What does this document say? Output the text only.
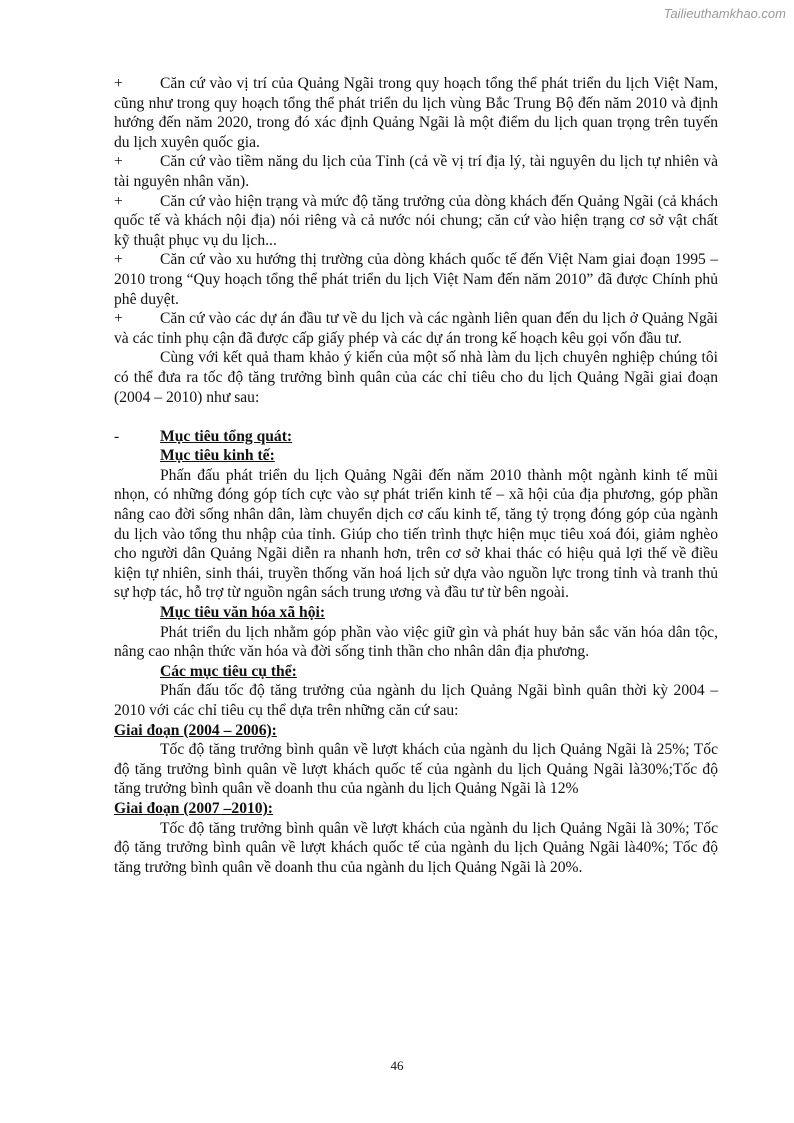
Tailieuthamkhao.com

+ Căn cứ vào vị trí của Quảng Ngãi trong quy hoạch tổng thể phát triển du lịch Việt Nam, cũng như trong quy hoạch tổng thể phát triển du lịch vùng Bắc Trung Bộ đến năm 2010 và định hướng đến năm 2020, trong đó xác định Quảng Ngãi là một điểm du lịch quan trọng trên tuyến du lịch xuyên quốc gia.

+ Căn cứ vào tiềm năng du lịch của Tỉnh (cả về vị trí địa lý, tài nguyên du lịch tự nhiên và tài nguyên nhân văn).

+ Căn cứ vào hiện trạng và mức độ tăng trưởng của dòng khách đến Quảng Ngãi (cả khách quốc tế và khách nội địa) nói riêng và cả nước nói chung; căn cứ vào hiện trạng cơ sở vật chất kỹ thuật phục vụ du lịch...

+ Căn cứ vào xu hướng thị trường của dòng khách quốc tế đến Việt Nam giai đoạn 1995 – 2010 trong “Quy hoạch tổng thể phát triển du lịch Việt Nam đến năm 2010” đã được Chính phủ phê duyệt.

+ Căn cứ vào các dự án đầu tư về du lịch và các ngành liên quan đến du lịch ở Quảng Ngãi và các tỉnh phụ cận đã được cấp giấy phép và các dự án trong kế hoạch kêu gọi vốn đầu tư.

Cùng với kết quả tham khảo ý kiến của một số nhà làm du lịch chuyên nghiệp chúng tôi có thể đưa ra tốc độ tăng trưởng bình quân của các chỉ tiêu cho du lịch Quảng Ngãi giai đoạn (2004 – 2010) như sau:

-	Mục tiêu tổng quát:

Mục tiêu kinh tế:

Phấn đấu phát triển du lịch Quảng Ngãi đến năm 2010 thành một ngành kinh tế mũi nhọn, có những đóng góp tích cực vào sự phát triển kinh tế – xã hội của địa phương, góp phần nâng cao đời sống nhân dân, làm chuyển dịch cơ cấu kinh tế, tăng tỷ trọng đóng góp của ngành du lịch vào tổng thu nhập của tỉnh. Giúp cho tiến trình thực hiện mục tiêu xoá đói, giảm nghèo cho người dân Quảng Ngãi diễn ra nhanh hơn, trên cơ sở khai thác có hiệu quả lợi thế về điều kiện tự nhiên, sinh thái, truyền thống văn hoá lịch sử dựa vào nguồn lực trong tỉnh và tranh thủ sự hợp tác, hỗ trợ từ nguồn ngân sách trung ương và đầu tư từ bên ngoài.

Mục tiêu văn hóa xã hội:

Phát triển du lịch nhằm góp phần vào việc giữ gìn và phát huy bản sắc văn hóa dân tộc, nâng cao nhận thức văn hóa và đời sống tinh thần cho nhân dân địa phương.

Các mục tiêu cụ thể:

Phấn đấu tốc độ tăng trưởng của ngành du lịch Quảng Ngãi bình quân thời kỳ 2004 – 2010 với các chỉ tiêu cụ thể dựa trên những căn cứ sau:

Giai đoạn (2004 – 2006):

Tốc độ tăng trưởng bình quân về lượt khách của ngành du lịch Quảng Ngãi là 25%; Tốc độ tăng trưởng bình quân về lượt khách quốc tế của ngành du lịch Quảng Ngãi là30%;Tốc độ tăng trưởng bình quân về doanh thu của ngành du lịch Quảng Ngãi là 12%

Giai đoạn (2007 –2010):

Tốc độ tăng trưởng bình quân về lượt khách của ngành du lịch Quảng Ngãi là 30%; Tốc độ tăng trưởng bình quân về lượt khách quốc tế của ngành du lịch Quảng Ngãi là40%; Tốc độ tăng trưởng bình quân về doanh thu của ngành du lịch Quảng Ngãi là 20%.

46
